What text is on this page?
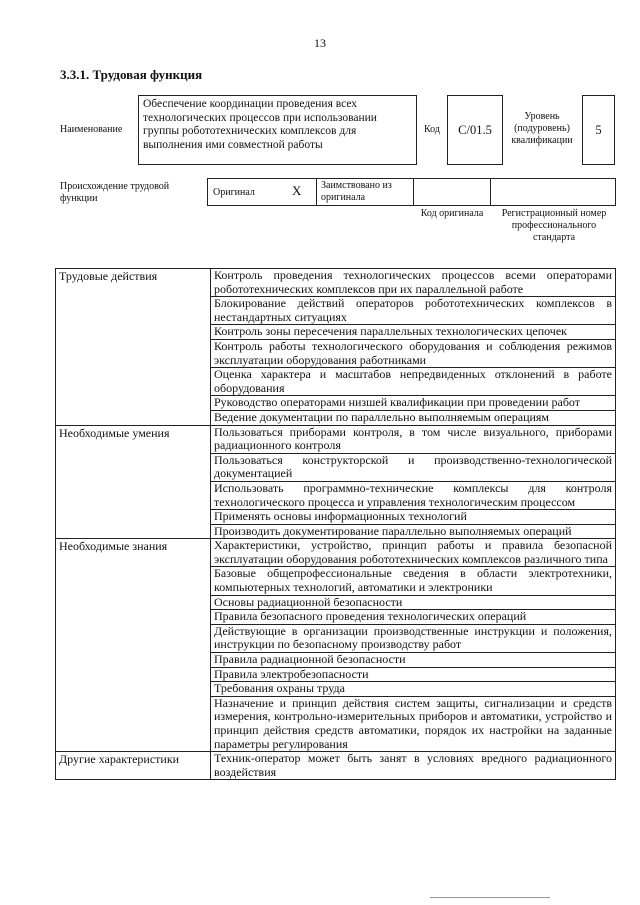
13
3.3.1. Трудовая функция
Наименование
Обеспечение координации проведения всех технологических процессов при использовании группы робототехнических комплексов для выполнения ими совместной работы
Код C/01.5
Уровень (подуровень) квалификации
5
Происхождение трудовой функции
Оригинал	Х Заимствовано из оригинала
Код оригинала	Регистрационный номер профессионального стандарта
Трудовые действия	Контроль проведения технологических процессов всеми операторами робототехнических комплексов при их параллельной работе
	Блокирование действий операторов робототехнических комплексов в нестандартных ситуациях
	Контроль зоны пересечения параллельных технологических цепочек
	Контроль работы технологического оборудования и соблюдения режимов эксплуатации оборудования работниками
	Оценка характера и масштабов непредвиденных отклонений в работе оборудования
	Руководство операторами низшей квалификации при проведении работ
	Ведение документации по параллельно выполняемым операциям
Необходимые умения	Пользоваться приборами контроля, в том числе визуального, приборами радиационного контроля
	Пользоваться конструкторской и производственно-технологической документацией
	Использовать программно-технические комплексы для контроля технологического процесса и управления технологическим процессом
	Применять основы информационных технологий
	Производить документирование параллельно выполняемых операций
Необходимые знания	Характеристики, устройство, принцип работы и правила безопасной эксплуатации оборудования робототехнических комплексов различного типа
	Базовые общепрофессиональные сведения в области электротехники, компьютерных технологий, автоматики и электроники
	Основы радиационной безопасности
	Правила безопасного проведения технологических операций
	Действующие в организации производственные инструкции и положения, инструкции по безопасному производству работ
	Правила радиационной безопасности
	Правила электробезопасности
	Требования охраны труда
	Назначение и принцип действия систем защиты, сигнализации и средств измерения, контрольно-измерительных приборов и автоматики, устройство и принцип действия средств автоматики, порядок их настройки на заданные параметры регулирования
Другие характеристики	Техник-оператор может быть занят в условиях вредного радиационного воздействия
